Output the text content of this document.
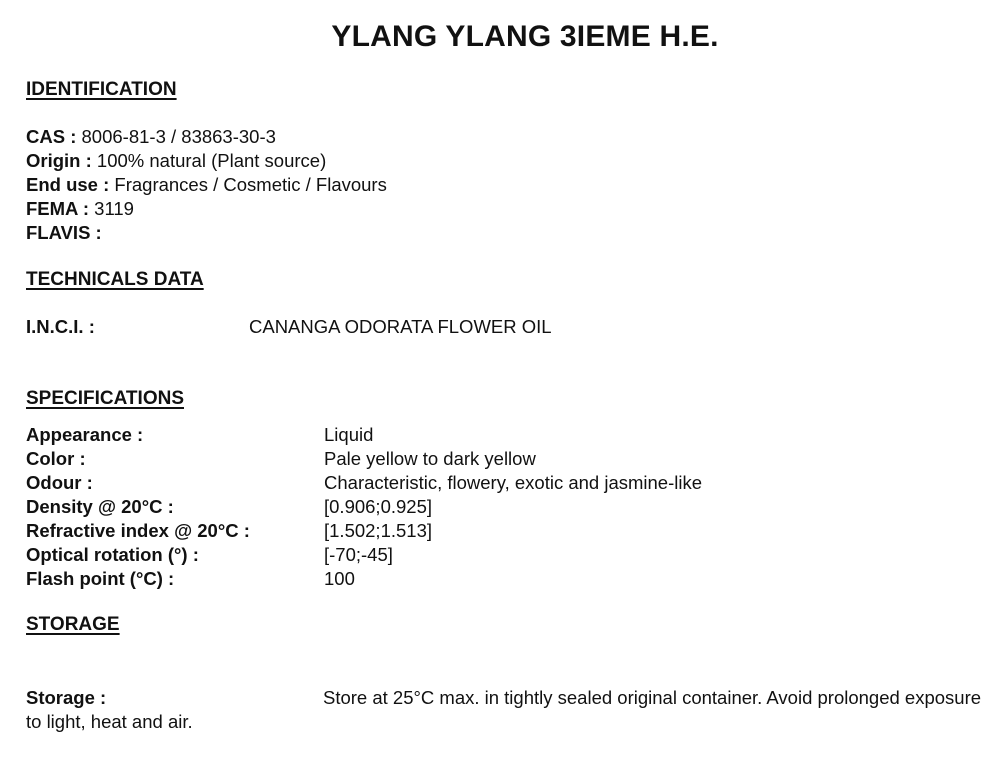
YLANG YLANG 3IEME H.E.
IDENTIFICATION
CAS : 8006-81-3 / 83863-30-3
Origin : 100% natural (Plant source)
End use : Fragrances / Cosmetic / Flavours
FEMA : 3119
FLAVIS :
TECHNICALS DATA
I.N.C.I. :	CANANGA ODORATA FLOWER OIL
SPECIFICATIONS
Appearance :	Liquid
Color :	Pale yellow to dark yellow
Odour :	Characteristic, flowery, exotic and jasmine-like
Density @ 20°C :	[0.906;0.925]
Refractive index @ 20°C :	[1.502;1.513]
Optical rotation (°) :	[-70;-45]
Flash point (°C) :	100
STORAGE
Storage :	Store at 25°C max. in tightly sealed original container. Avoid prolonged exposure to light, heat and air.
